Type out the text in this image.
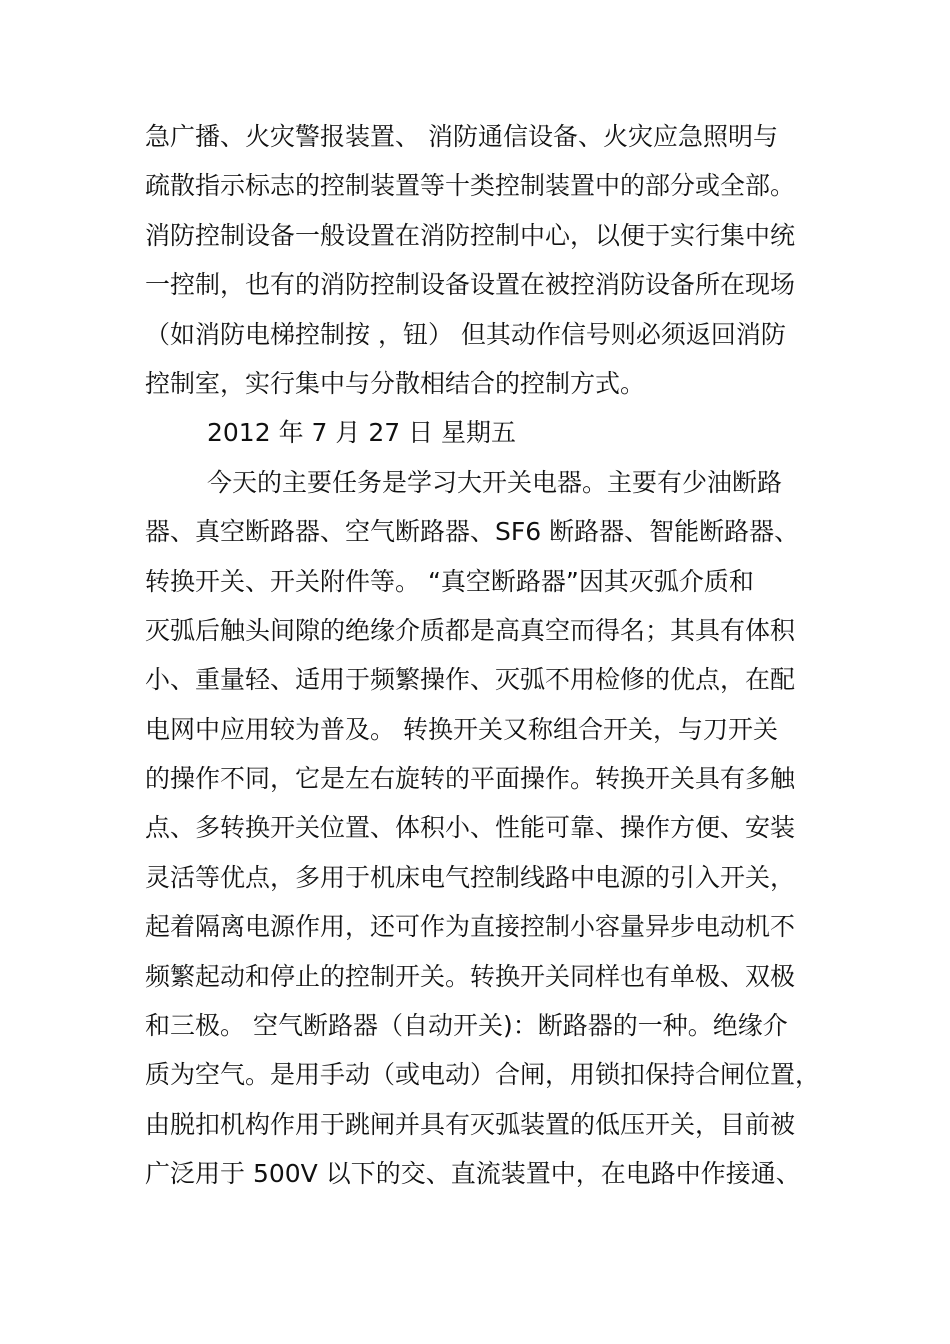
急广播、火灾警报装置、 消防通信设备、火灾应急照明与
疏散指示标志的控制装置等十类控制装置中的部分或全部。
消防控制设备一般设置在消防控制中心，以便于实行集中统
一控制，也有的消防控制设备设置在被控消防设备所在现场
（如消防电梯控制按 ，钮） 但其动作信号则必须返回消防
控制室，实行集中与分散相结合的控制方式。
2012 年 7 月 27 日 星期五
今天的主要任务是学习大开关电器。主要有少油断路
器、真空断路器、空气断路器、SF6 断路器、智能断路器、
转换开关、开关附件等。 “真空断路器”因其灭弧介质和
灭弧后触头间隙的绝缘介质都是高真空而得名；其具有体积
小、重量轻、适用于频繁操作、灭弧不用检修的优点，在配
电网中应用较为普及。 转换开关又称组合开关，与刀开关
的操作不同，它是左右旋转的平面操作。转换开关具有多触
点、多转换开关位置、体积小、性能可靠、操作方便、安装
灵活等优点，多用于机床电气控制线路中电源的引入开关，
起着隔离电源作用，还可作为直接控制小容量异步电动机不
频繁起动和停止的控制开关。转换开关同样也有单极、双极
和三极。 空气断路器（自动开关)：断路器的一种。绝缘介
质为空气。是用手动（或电动）合闸，用锁扣保持合闸位置，
由脱扣机构作用于跳闸并具有灭弧装置的低压开关，目前被
广泛用于 500V 以下的交、直流装置中，在电路中作接通、
